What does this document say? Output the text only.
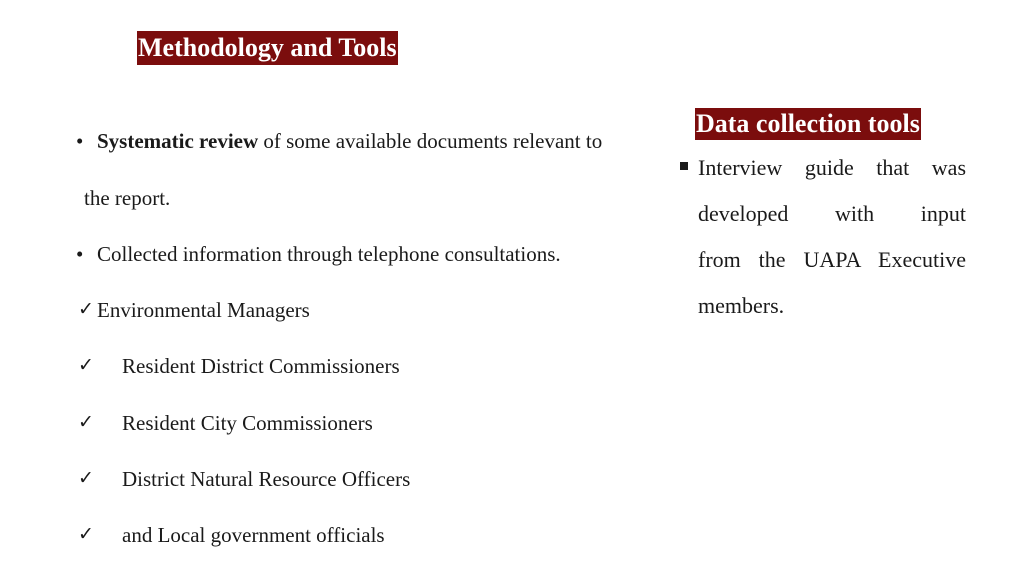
Methodology and Tools
• Systematic review of some available documents relevant to
the report.
• Collected information through telephone consultations.
✓ Environmental Managers
✓ Resident District Commissioners
✓ Resident City Commissioners
✓ District Natural Resource Officers
✓ and Local government officials
Data collection tools
Interview guide that was
developed with input
from the UAPA Executive
members.
